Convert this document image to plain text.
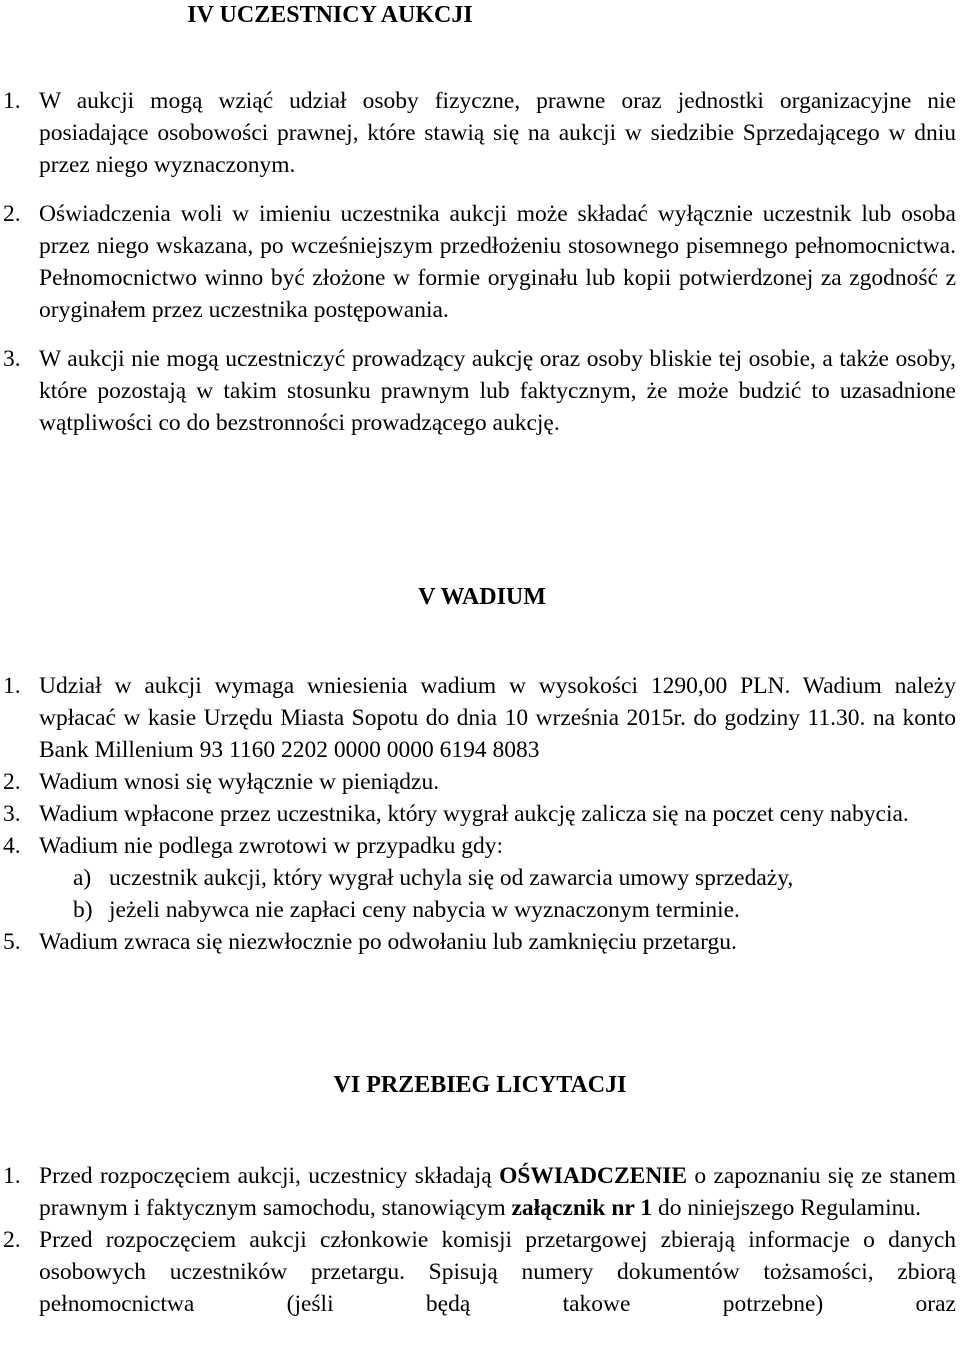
IV UCZESTNICY AUKCJI

1. W aukcji mogą wziąć udział osoby fizyczne, prawne oraz jednostki organizacyjne nie posiadające osobowości prawnej, które stawią się na aukcji w siedzibie Sprzedającego w dniu przez niego wyznaczonym.

2. Oświadczenia woli w imieniu uczestnika aukcji może składać wyłącznie uczestnik lub osoba przez niego wskazana, po wcześniejszym przedłożeniu stosownego pisemnego pełnomocnictwa. Pełnomocnictwo winno być złożone w formie oryginału lub kopii potwierdzonej za zgodność z oryginałem przez uczestnika postępowania.

3. W aukcji nie mogą uczestniczyć prowadzący aukcję oraz osoby bliskie tej osobie, a także osoby, które pozostają w takim stosunku prawnym lub faktycznym, że może budzić to uzasadnione wątpliwości co do bezstronności prowadzącego aukcję.

V WADIUM

1. Udział w aukcji wymaga wniesienia wadium w wysokości 1290,00 PLN. Wadium należy wpłacać w kasie Urzędu Miasta Sopotu do dnia 10 września 2015r. do godziny 11.30. na konto Bank Millenium 93 1160 2202 0000 0000 6194 8083

2. Wadium wnosi się wyłącznie w pieniądzu.

3. Wadium wpłacone przez uczestnika, który wygrał aukcję zalicza się na poczet ceny nabycia.

4. Wadium nie podlega zwrotowi w przypadku gdy:

a) uczestnik aukcji, który wygrał uchyla się od zawarcia umowy sprzedaży,

b) jeżeli nabywca nie zapłaci ceny nabycia w wyznaczonym terminie.

5. Wadium zwraca się niezwłocznie po odwołaniu lub zamknięciu przetargu.

VI PRZEBIEG LICYTACJI

1. Przed rozpoczęciem aukcji, uczestnicy składają OŚWIADCZENIE o zapoznaniu się ze stanem prawnym i faktycznym samochodu, stanowiącym załącznik nr 1 do niniejszego Regulaminu.

2. Przed rozpoczęciem aukcji członkowie komisji przetargowej zbierają informacje o danych osobowych uczestników przetargu. Spisują numery dokumentów tożsamości, zbiorą pełnomocnictwa (jeśli będą takowe potrzebne) oraz
